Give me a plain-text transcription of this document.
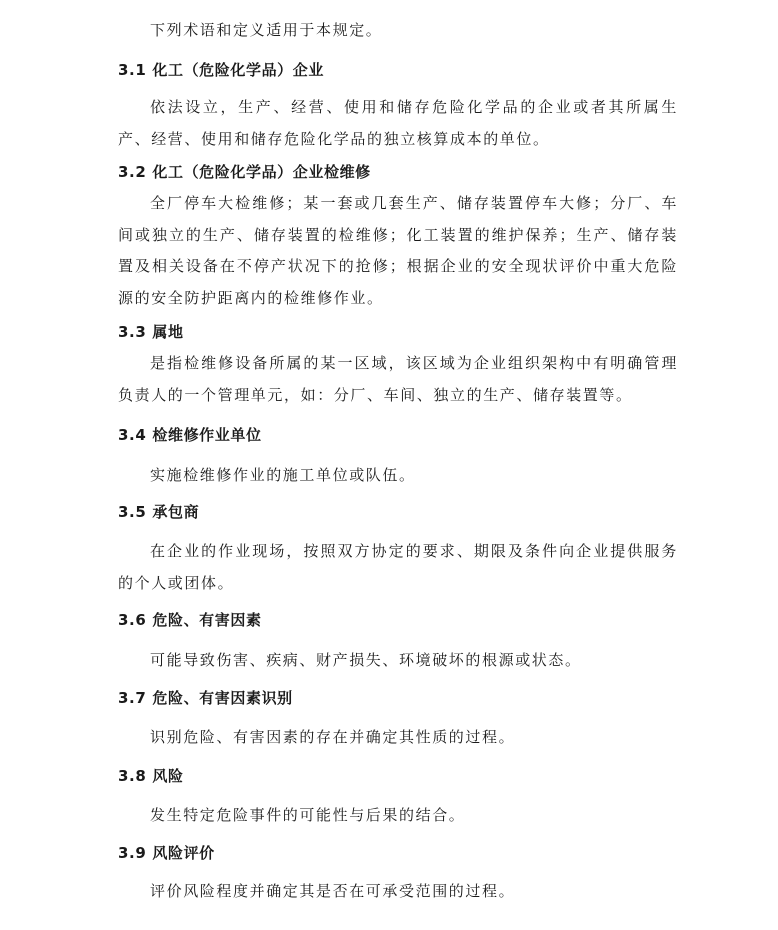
下列术语和定义适用于本规定。
3.1 化工（危险化学品）企业
依法设立，生产、经营、使用和储存危险化学品的企业或者其所属生产、经营、使用和储存危险化学品的独立核算成本的单位。
3.2 化工（危险化学品）企业检维修
全厂停车大检维修；某一套或几套生产、储存装置停车大修；分厂、车间或独立的生产、储存装置的检维修；化工装置的维护保养；生产、储存装置及相关设备在不停产状况下的抢修；根据企业的安全现状评价中重大危险源的安全防护距离内的检维修作业。
3.3 属地
是指检维修设备所属的某一区域，该区域为企业组织架构中有明确管理负责人的一个管理单元，如：分厂、车间、独立的生产、储存装置等。
3.4 检维修作业单位
实施检维修作业的施工单位或队伍。
3.5 承包商
在企业的作业现场，按照双方协定的要求、期限及条件向企业提供服务的个人或团体。
3.6 危险、有害因素
可能导致伤害、疾病、财产损失、环境破坏的根源或状态。
3.7 危险、有害因素识别
识别危险、有害因素的存在并确定其性质的过程。
3.8 风险
发生特定危险事件的可能性与后果的结合。
3.9 风险评价
评价风险程度并确定其是否在可承受范围的过程。
